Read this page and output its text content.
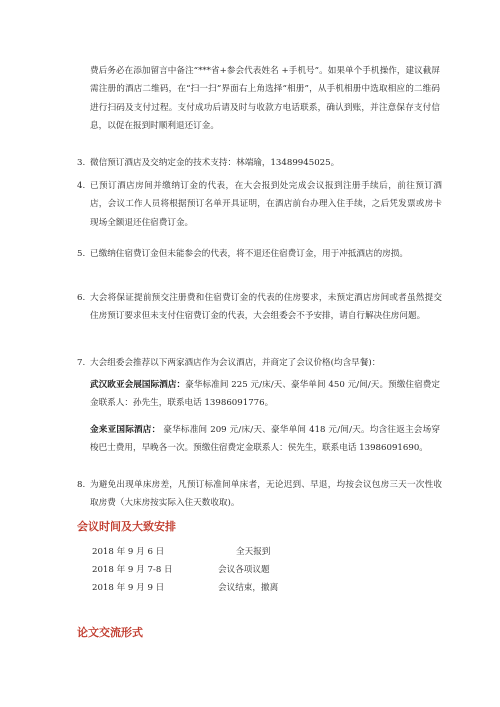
费后务必在添加留言中备注“***省+参会代表姓名 +手机号”。如果单个手机操作，建议截屏需注册的酒店二维码，在“扫一扫”界面右上角选择“相册”，从手机相册中选取相应的二维码进行扫码及支付过程。支付成功后请及时与收款方电话联系，确认到账，并注意保存支付信息，以促在报到时顺利退还订金。
3. 微信预订酒店及交纳定金的技术支持：林端瑜，13489945025。
4. 已预订酒店房间并缴纳订金的代表，在大会报到处完成会议报到注册手续后，前往预订酒店，会议工作人员将根据预订名单开具证明，在酒店前台办理入住手续，之后凭发票或房卡现场全额退还住宿费订金。
5. 已缴纳住宿费订金但未能参会的代表，将不退还住宿费订金，用于冲抵酒店的房损。
6. 大会将保证提前预交注册费和住宿费订金的代表的住房要求，未预定酒店房间或者虽然提交住房预订要求但未支付住宿费订金的代表，大会组委会不予安排，请自行解决住房问题。
7. 大会组委会推荐以下两家酒店作为会议酒店，并商定了会议价格(均含早餐)：
武汉欧亚会展国际酒店：豪华标准间 225 元/床/天、豪华单间 450 元/间/天。预缴住宿费定金联系人：孙先生，联系电话 13986091776。
金来亚国际酒店： 豪华标准间 209 元/床/天、豪华单间 418 元/间/天。均含往返主会场穿梭巴士费用，早晚各一次。预缴住宿费定金联系人：侯先生，联系电话 13986091690。
8. 为避免出现单床房差，凡预订标准间单床者，无论迟到、早退，均按会议包房三天一次性收取房费（大床房按实际入住天数收取)。
会议时间及大致安排
2018 年 9 月 6 日	全天报到
2018 年 9 月 7-8 日	会议各项议题
2018 年 9 月 9 日	会议结束，撤离
论文交流形式
